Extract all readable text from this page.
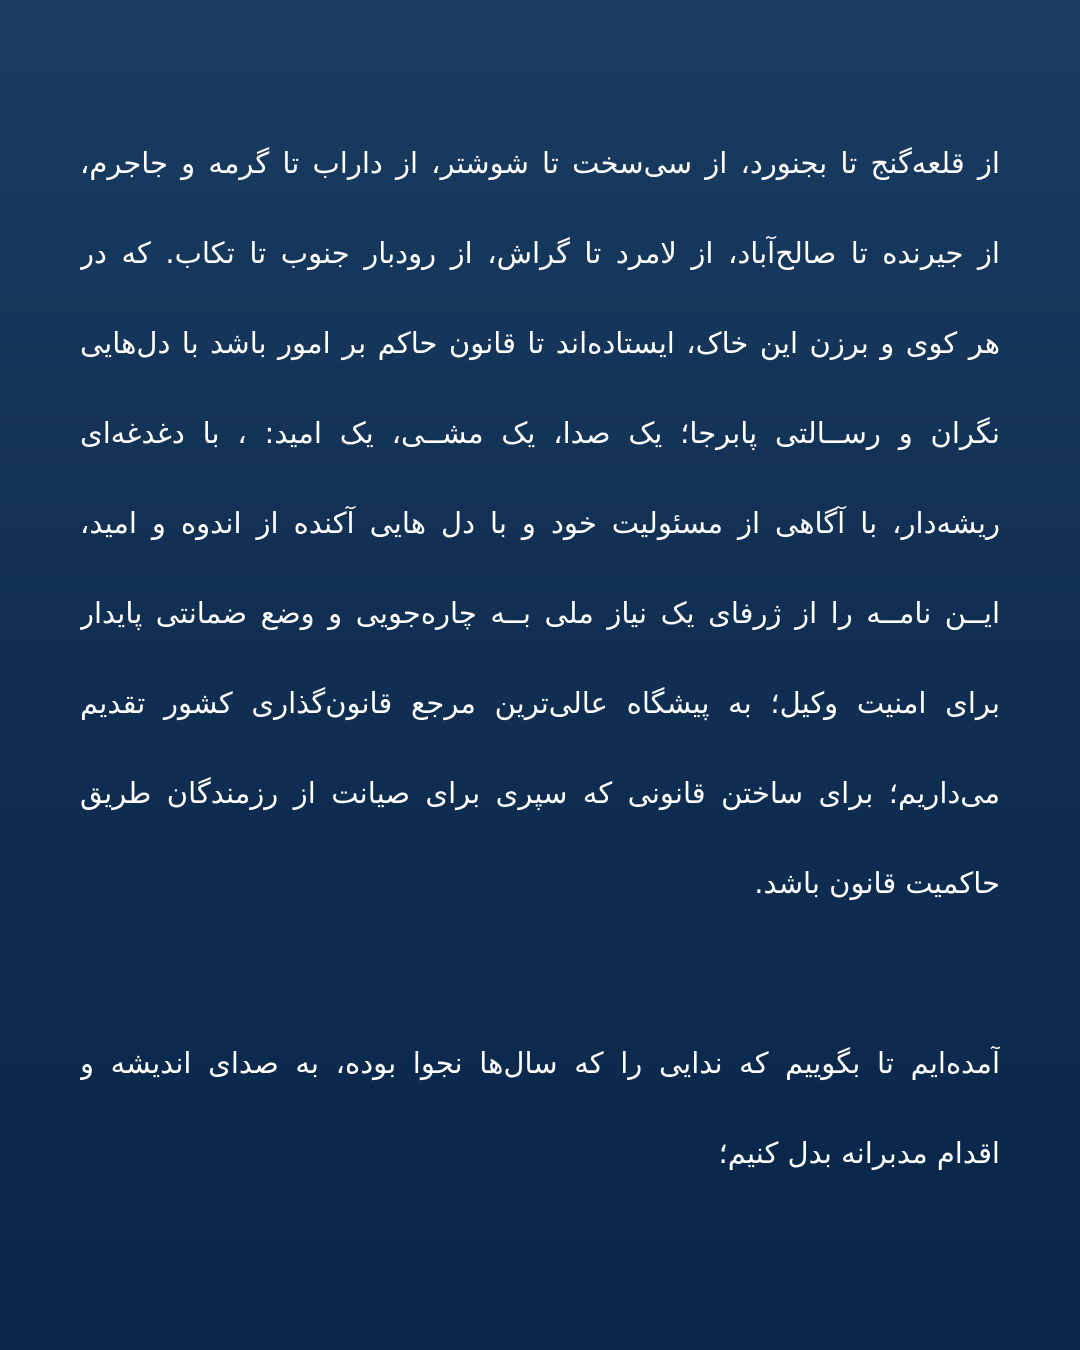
از قلعه‌گنج تا بجنورد، از سی‌سخت تا شوشتر، از داراب تا گرمه و جاجرم،
از جیرنده تا صالح‌آباد، از لامرد تا گراش، از رودبار جنوب تا تکاب. که در
هر کوی و برزن این خاک، ایستاده‌اند تا قانون حاکم بر امور باشد با دل‌هایی
نگران و رســالتی پابرجا؛ یک صدا، یک مشــی، یک امید: ، با دغدغه‌ای
ریشه‌دار، با آگاهی از مسئولیت خود و با دل هایی آکنده از اندوه و امید،
ایــن نامــه را از ژرفای یک نیاز ملی بــه چاره‌جویی و وضع ضمانتی پایدار
برای امنیت وکیل؛ به پیشگاه عالی‌ترین مرجع قانون‌گذاری کشور تقدیم
می‌داریم؛ برای ساختن قانونی که سپری برای صیانت از رزمندگان طریق
حاکمیت قانون باشد.
آمده‌ایم تا بگوییم که ندایی را که سال‌ها نجوا بوده، به صدای اندیشه و
اقدام مدبرانه بدل کنیم؛
